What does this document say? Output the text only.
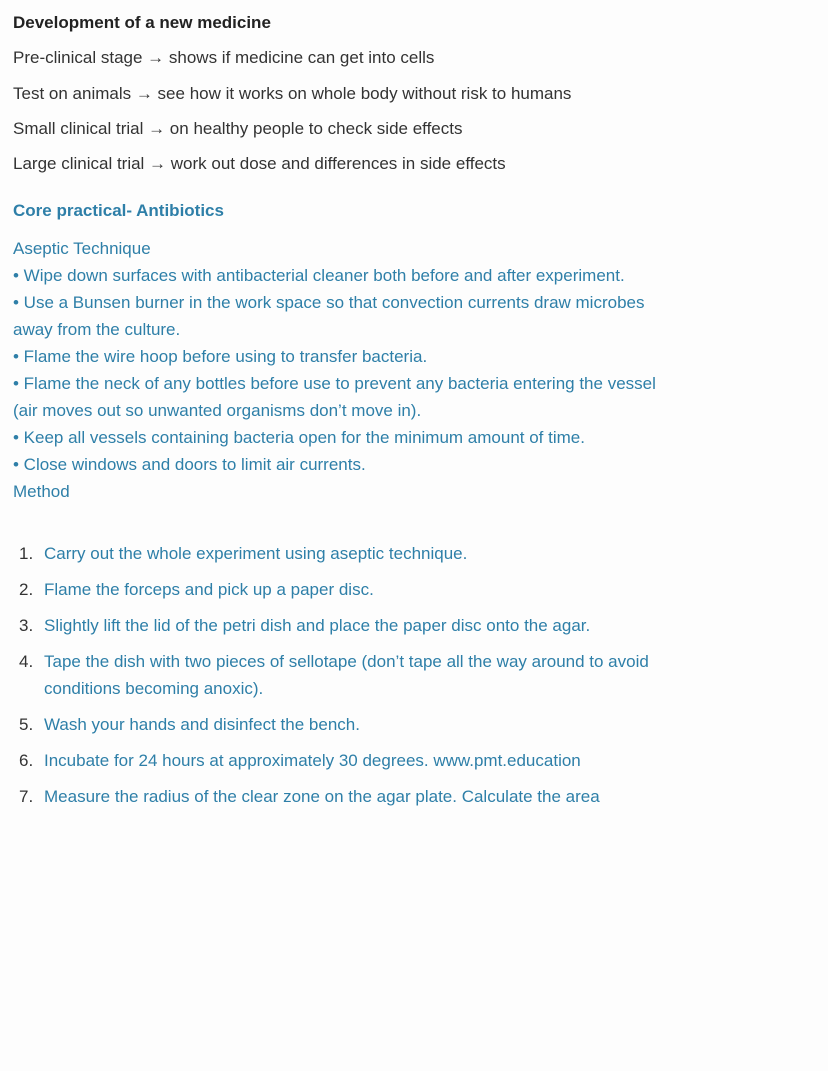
Development of a new medicine
Pre-clinical stage → shows if medicine can get into cells
Test on animals → see how it works on whole body without risk to humans
Small clinical trial → on healthy people to check side effects
Large clinical trial → work out dose and differences in side effects
Core practical- Antibiotics

Aseptic Technique

• Wipe down surfaces with antibacterial cleaner both before and after experiment.

• Use a Bunsen burner in the work space so that convection currents draw microbes away from the culture.

• Flame the wire hoop before using to transfer bacteria.

• Flame the neck of any bottles before use to prevent any bacteria entering the vessel (air moves out so unwanted organisms don’t move in).

• Keep all vessels containing bacteria open for the minimum amount of time.

• Close windows and doors to limit air currents.

Method

1. Carry out the whole experiment using aseptic technique.
2. Flame the forceps and pick up a paper disc.
3. Slightly lift the lid of the petri dish and place the paper disc onto the agar.
4. Tape the dish with two pieces of sellotape (don’t tape all the way around to avoid conditions becoming anoxic).
5. Wash your hands and disinfect the bench.
6. Incubate for 24 hours at approximately 30 degrees. www.pmt.education
7. Measure the radius of the clear zone on the agar plate. Calculate the area
